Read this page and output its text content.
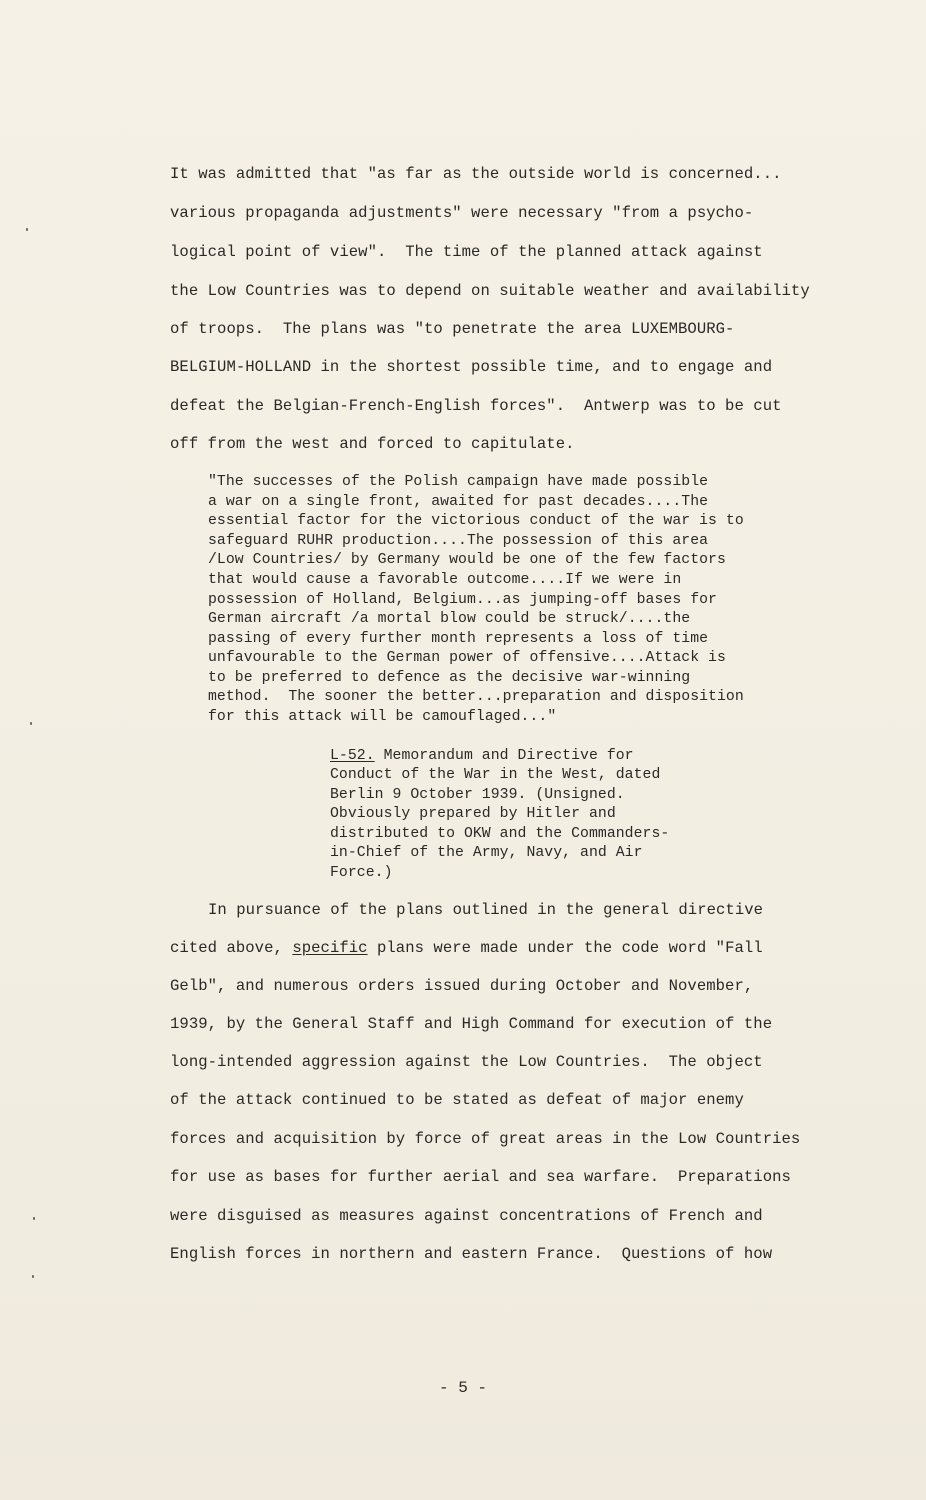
It was admitted that "as far as the outside world is concerned...
various propaganda adjustments" were necessary "from a psycho-
logical point of view".  The time of the planned attack against
the Low Countries was to depend on suitable weather and availability
of troops.  The plans was "to penetrate the area LUXEMBOURG-
BELGIUM-HOLLAND in the shortest possible time, and to engage and
defeat the Belgian-French-English forces".  Antwerp was to be cut
off from the west and forced to capitulate.
"The successes of the Polish campaign have made possible
a war on a single front, awaited for past decades....The
essential factor for the victorious conduct of the war is to
safeguard RUHR production....The possession of this area
/Low Countries/ by Germany would be one of the few factors
that would cause a favorable outcome....If we were in
possession of Holland, Belgium...as jumping-off bases for
German aircraft /a mortal blow could be struck/....the
passing of every further month represents a loss of time
unfavourable to the German power of offensive....Attack is
to be preferred to defence as the decisive war-winning
method.  The sooner the better...preparation and disposition
for this attack will be camouflaged..."
L-52. Memorandum and Directive for
Conduct of the War in the West, dated
Berlin 9 October 1939. (Unsigned.
Obviously prepared by Hitler and
distributed to OKW and the Commanders-
in-Chief of the Army, Navy, and Air
Force.)
In pursuance of the plans outlined in the general directive
cited above, specific plans were made under the code word "Fall
Gelb", and numerous orders issued during October and November,
1939, by the General Staff and High Command for execution of the
long-intended aggression against the Low Countries.  The object
of the attack continued to be stated as defeat of major enemy
forces and acquisition by force of great areas in the Low Countries
for use as bases for further aerial and sea warfare.  Preparations
were disguised as measures against concentrations of French and
English forces in northern and eastern France.  Questions of how
- 5 -
